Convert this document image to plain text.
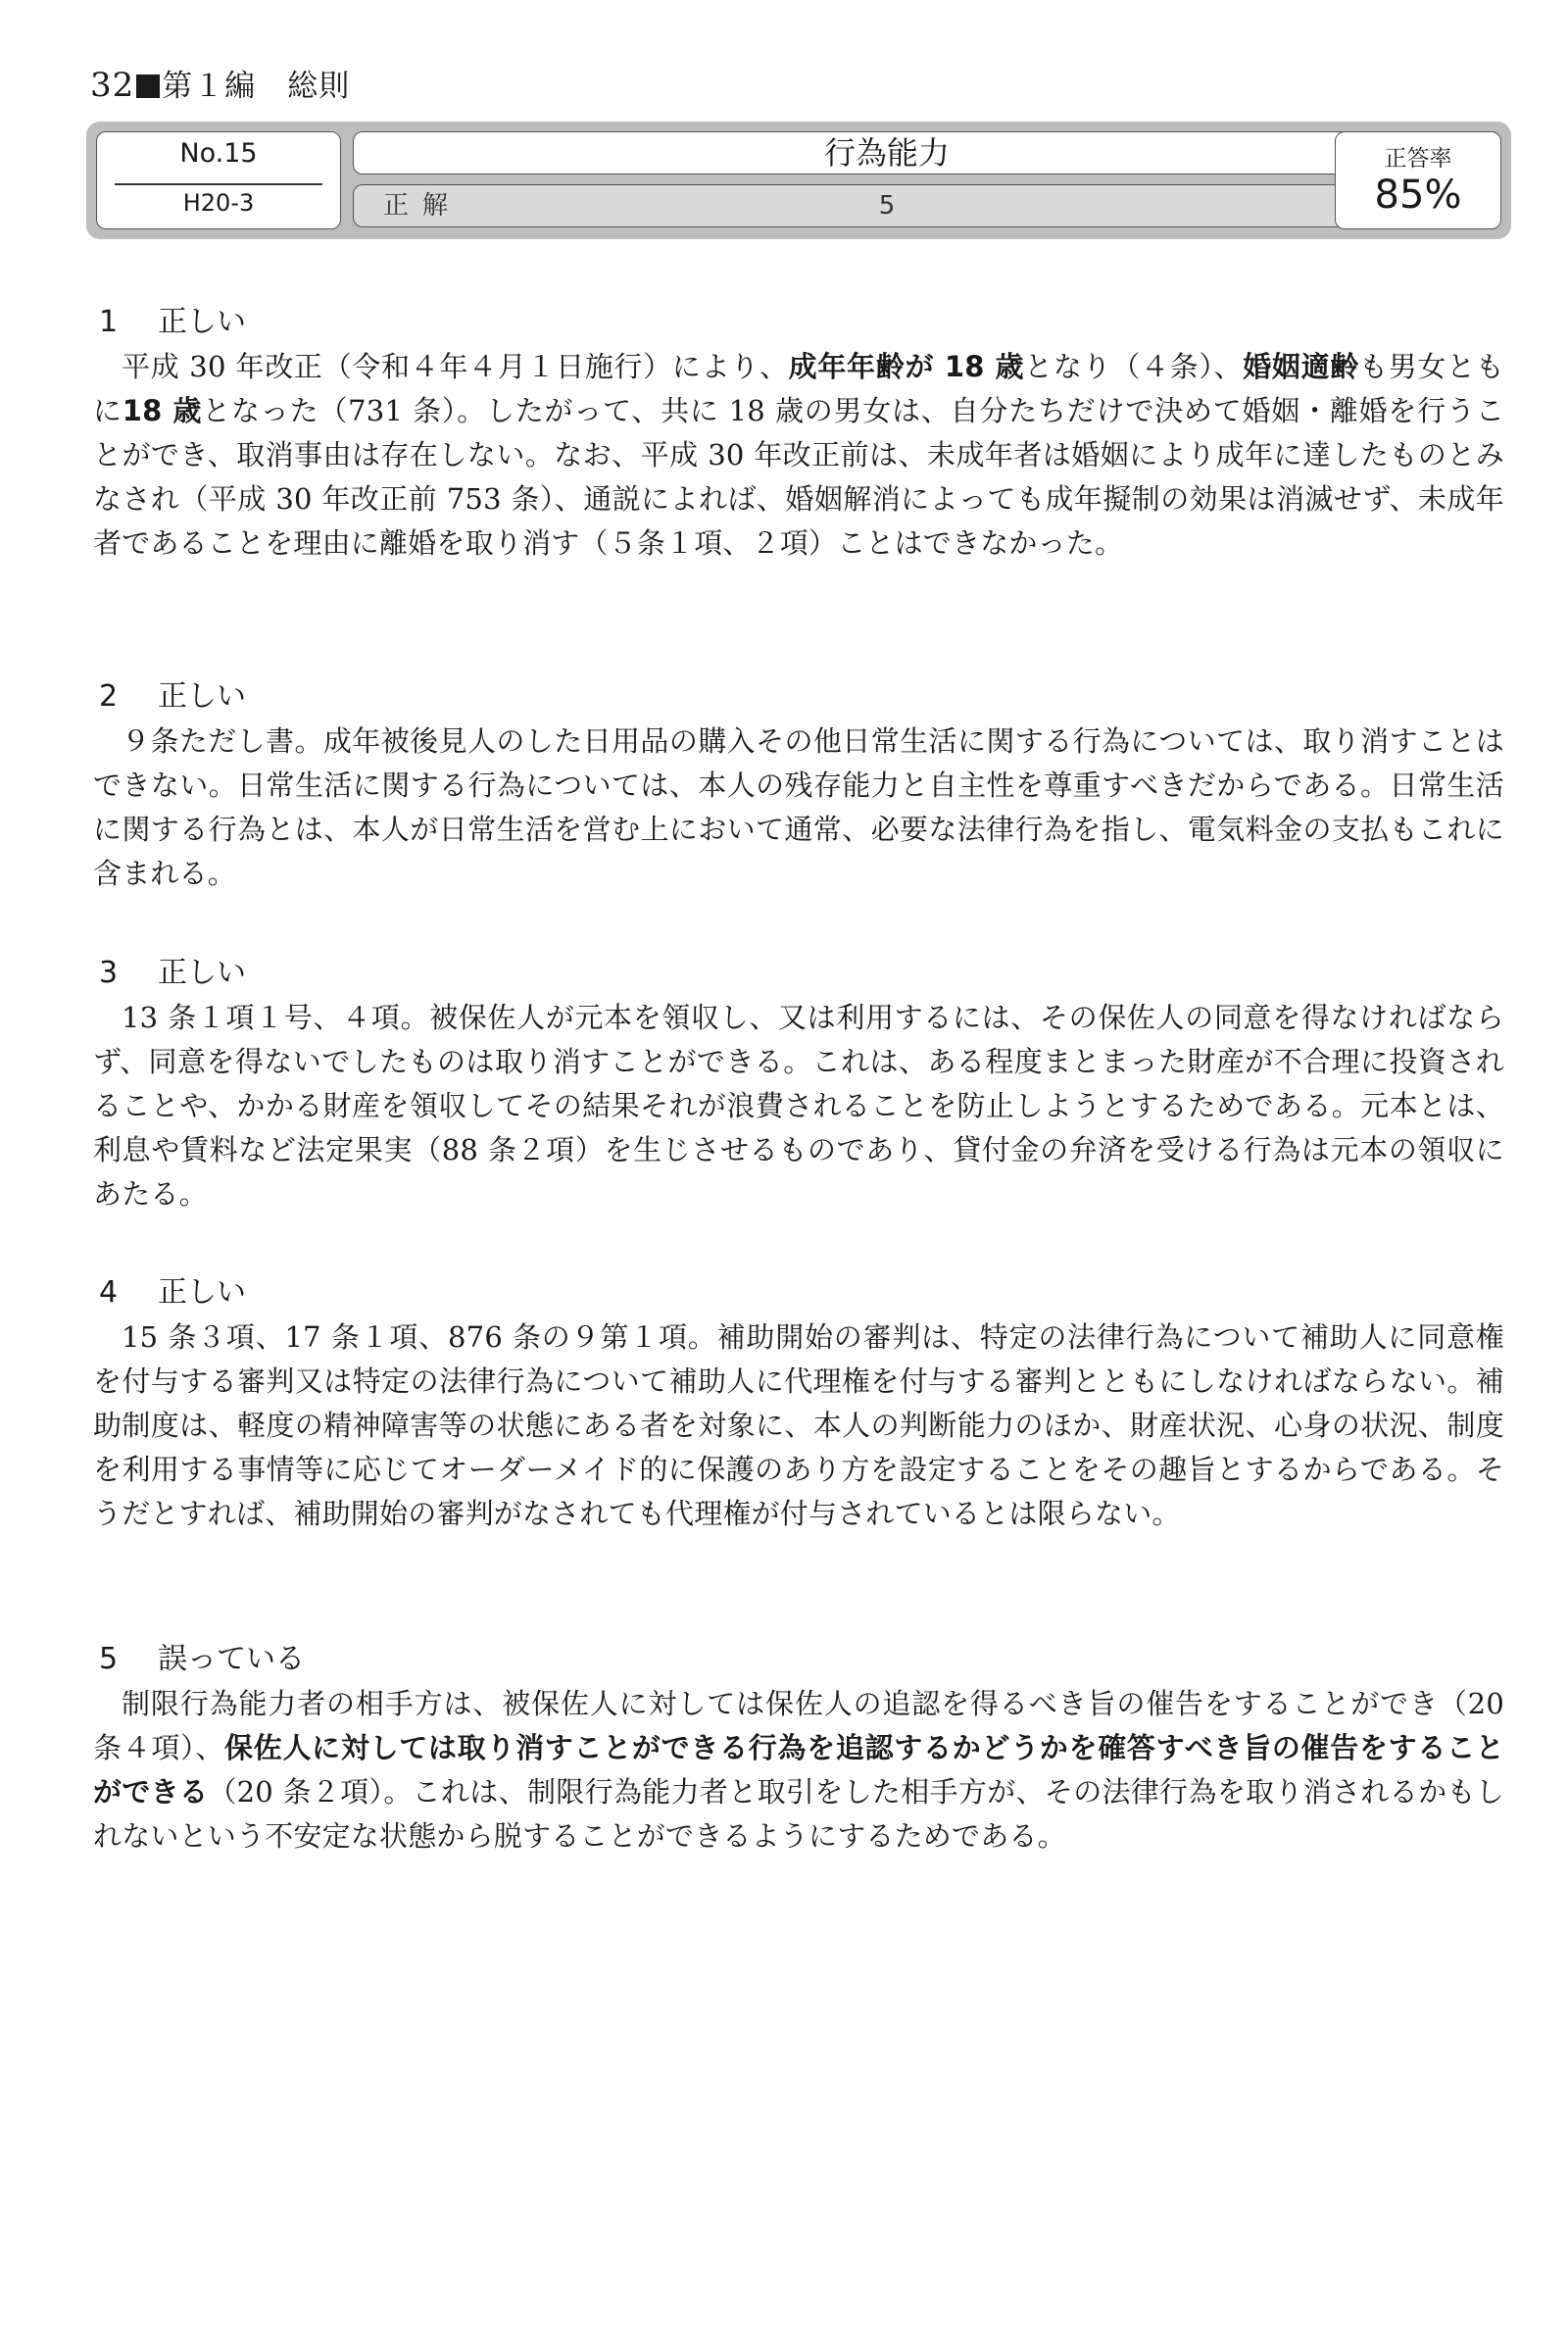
32 第１編　総則
No.15
H20-3
行為能力
正解	5
正答率
85%
1 正しい

平成 30 年改正（令和４年４月１日施行）により、成年年齢が 18 歳となり（４条）、婚姻適齢も男女ともに18 歳となった（731 条）。したがって、共に 18 歳の男女は、自分たちだけで決めて婚姻・離婚を行うことができ、取消事由は存在しない。なお、平成 30 年改正前は、未成年者は婚姻により成年に達したものとみなされ（平成 30 年改正前 753 条）、通説によれば、婚姻解消によっても成年擬制の効果は消滅せず、未成年者であることを理由に離婚を取り消す（５条１項、２項）ことはできなかった。

2 正しい

９条ただし書。成年被後見人のした日用品の購入その他日常生活に関する行為については、取り消すことはできない。日常生活に関する行為については、本人の残存能力と自主性を尊重すべきだからである。日常生活に関する行為とは、本人が日常生活を営む上において通常、必要な法律行為を指し、電気料金の支払もこれに含まれる。

3 正しい

13 条１項１号、４項。被保佐人が元本を領収し、又は利用するには、その保佐人の同意を得なければならず、同意を得ないでしたものは取り消すことができる。これは、ある程度まとまった財産が不合理に投資されることや、かかる財産を領収してその結果それが浪費されることを防止しようとするためである。元本とは、利息や賃料など法定果実（88 条２項）を生じさせるものであり、貸付金の弁済を受ける行為は元本の領収にあたる。

4 正しい

15 条３項、17 条１項、876 条の９第１項。補助開始の審判は、特定の法律行為について補助人に同意権を付与する審判又は特定の法律行為について補助人に代理権を付与する審判とともにしなければならない。補助制度は、軽度の精神障害等の状態にある者を対象に、本人の判断能力のほか、財産状況、心身の状況、制度を利用する事情等に応じてオーダーメイド的に保護のあり方を設定することをその趣旨とするからである。そうだとすれば、補助開始の審判がなされても代理権が付与されているとは限らない。

5 誤っている

制限行為能力者の相手方は、被保佐人に対しては保佐人の追認を得るべき旨の催告をすることができ（20 条４項）、保佐人に対しては取り消すことができる行為を追認するかどうかを確答すべき旨の催告をすることができる（20 条２項）。これは、制限行為能力者と取引をした相手方が、その法律行為を取り消されるかもしれないという不安定な状態から脱することができるようにするためである。
